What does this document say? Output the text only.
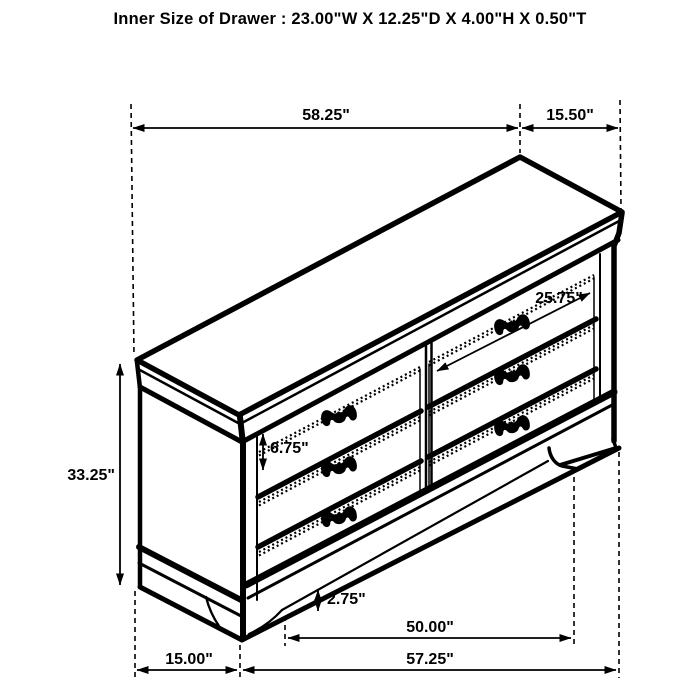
Inner Size of Drawer : 23.00"W X 12.25"D X 4.00"H X 0.50"T
58.25"	15.50"
33.25"
6.75"
25.75"
2.75"
50.00"
57.25"
15.00"
